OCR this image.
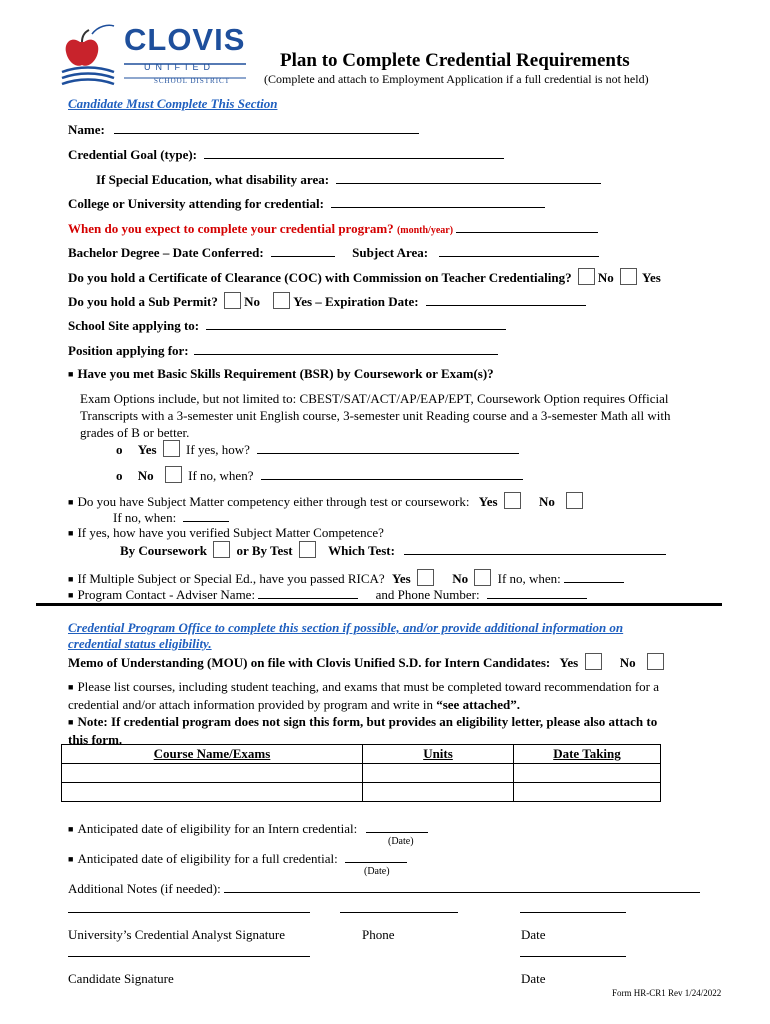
CLOVIS
UNIFIED
SCHOOL DISTRICT
Plan to Complete Credential Requirements
(Complete and attach to Employment Application if a full credential is not held)
Candidate Must Complete This Section
Name:
Credential Goal (type):
If Special Education, what disability area:
College or University attending for credential:
When do you expect to complete your credential program? (month/year)
Bachelor Degree – Date Conferred:	Subject Area:
Do you hold a Certificate of Clearance (COC) with Commission on Teacher Credentialing? No Yes
Do you hold a Sub Permit? No	Yes – Expiration Date:
School Site applying to:
Position applying for:
■ Have you met Basic Skills Requirement (BSR) by Coursework or Exam(s)?
Exam Options include, but not limited to: CBEST/SAT/ACT/AP/EAP/EPT, Coursework Option requires Official
Transcripts with a 3-semester unit English course, 3-semester unit Reading course and a 3-semester Math all with
grades of B or better.
o Yes If yes, how?
o No	If no, when?
■ Do you have Subject Matter competency either through test or coursework: Yes	No
If no, when:
■ If yes, how have you verified Subject Matter Competence?
By Coursework or By Test	Which Test:
■ If Multiple Subject or Special Ed., have you passed RICA? Yes	No If no, when:
■ Program Contact - Adviser Name:	and Phone Number:
Credential Program Office to complete this section if possible, and/or provide additional information on
credential status eligibility.
Memo of Understanding (MOU) on file with Clovis Unified S.D. for Intern Candidates: Yes	No
■ Please list courses, including student teaching, and exams that must be completed toward recommendation for a
credential and/or attach information provided by program and write in “see attached”.
■ Note: If credential program does not sign this form, but provides an eligibility letter, please also attach to
this form.
Course Name/Exams	Units	Date Taking

■ Anticipated date of eligibility for an Intern credential:
(Date)
■ Anticipated date of eligibility for a full credential:
(Date)
Additional Notes (if needed):
University’s Credential Analyst Signature	Phone	Date
Candidate Signature	Date
Form HR-CR1 Rev 1/24/2022
